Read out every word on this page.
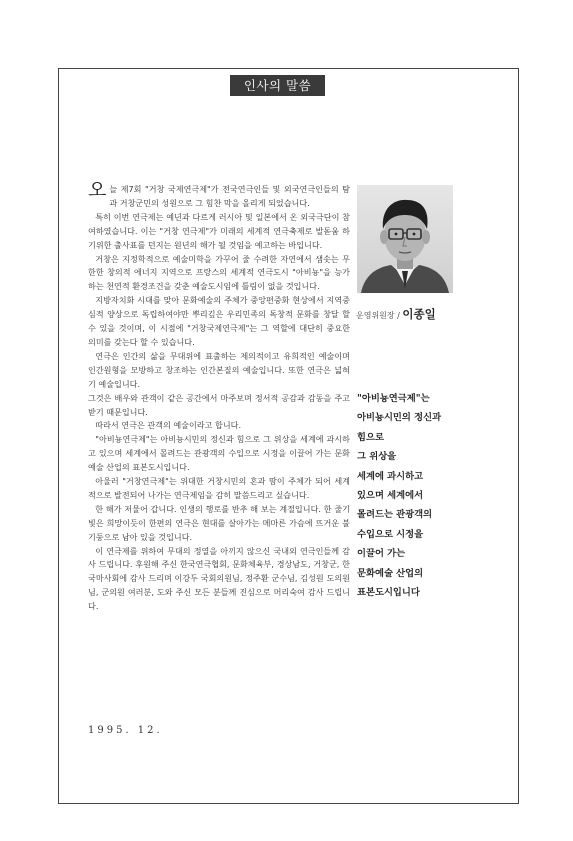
인사의 말씀

오늘 제7회 "거창 국제연극제"가 전국연극인들 및 외국연극인들의 탐과 거창군민의 성원으로 그 힘찬 막을 올리게 되었습니다.

특히 이번 연극제는 예년과 다르게 러시아 및 일본에서 온 외국극단이 참여하였습니다. 이는 "거창 연극제"가 미래의 세계적 연극축제로 발돋움 하기위한 출사표를 던지는 원년의 해가 될 것임을 예고하는 바입니다.

거창은 지정학적으로 예술미학을 가꾸어 줄 수려한 자연에서 샘솟는 무한한 창의적 에너지 지역으로 프랑스의 세계적 연극도시 "아비뇽"을 능가하는 천연적 환경조건을 갖춘 예술도시임에 틀림이 없을 것입니다.

지방자치화 시대를 맞아 문화예술의 주체가 중앙편중화 현상에서 지역중심적 양상으로 독립하여야만 뿌리깊은 우리민족의 독창적 문화를 창달 할 수 있을 것이며, 이 시점에 "거창국제연극제"는 그 역할에 대단히 중요한 의미를 갖는다 할 수 있습니다.

연극은 인간의 삶을 무대위에 표출하는 제의적이고 유희적인 예술이며 인간원형을 모방하고 창조하는 인간본질의 예술입니다. 또한 연극은 넓혀기 예술입니다.

그것은 배우와 관객이 같은 공간에서 마주보며 정서적 공감과 감동을 주고 받기 때문입니다.

따라서 연극은 관객의 예술이라고 합니다.

"아비뇽연극제"는 아비뇽시민의 정신과 힘으로 그 위상을 세계에 과시하고 있으며 세계에서 몰려드는 관광객의 수입으로 시정을 이끌어 가는 문화예술 산업의 표본도시입니다.

아울러 "거창연극제"는 위대한 거창시민의 혼과 땀이 주체가 되어 세계적으로 발전되어 나가는 연극제임을 감히 말씀드리고 싶습니다.

한 해가 저물어 갑니다. 인생의 행로를 반추 해 보는 계절입니다. 한 줄기 빛은 희망이듯이 한편의 연극은 현대를 살아가는 메마른 가슴에 뜨거운 불기둥으로 남아 있을 것입니다.

이 연극제를 위하여 무대의 정열을 아끼지 않으신 국내외 연극인들께 감사 드립니다. 후원해 주신 한국연극협회, 문화체육부, 경상남도, 거창군, 한국마사회에 감사 드리며 이강두 국회의원님, 정주환 군수님, 김성원 도의원님, 군의원 여러분, 도와 주신 모든 분들께 진심으로 머리숙여 감사 드립니다.

1995. 12.
운영위원장 / 이종일
"아비뇽연극제"는
아비뇽시민의 정신과
힘으로
그 위상을
세계에 과시하고
있으며 세계에서
몰려드는 관광객의
수입으로 시정을
이끌어 가는
문화예술 산업의
표본도시입니다
